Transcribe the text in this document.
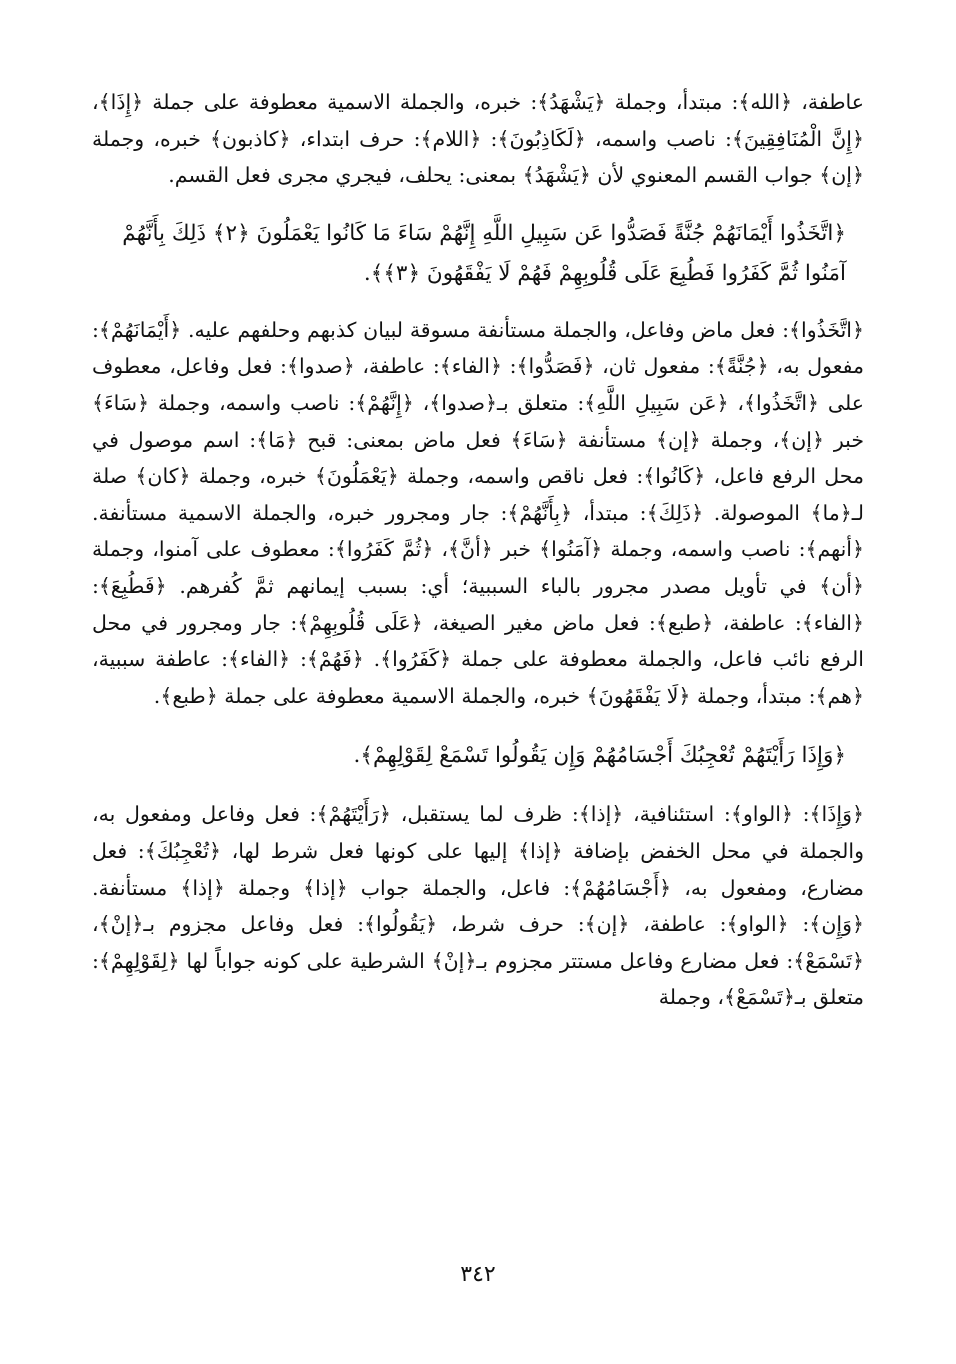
عاطفة، ﴿الله﴾: مبتدأ، وجملة ﴿يَشْهَدُ﴾: خبره، والجملة الاسمية معطوفة على جملة ﴿إِذَا﴾، ﴿إِنَّ الْمُنَافِقِينَ﴾: ناصب واسمه، ﴿لَكَاذِبُونَ﴾: ﴿اللام﴾: حرف ابتداء، ﴿كاذبون﴾ خبره، وجملة ﴿إن﴾ جواب القسم المعنوي لأن ﴿يَشْهَدُ﴾ بمعنى: يحلف، فيجري مجرى فعل القسم.

﴿اتَّخَذُوا أَيْمَانَهُمْ جُنَّةً فَصَدُّوا عَن سَبِيلِ اللَّهِ إِنَّهُمْ سَاءَ مَا كَانُوا يَعْمَلُونَ ﴿٢﴾ ذَلِكَ بِأَنَّهُمْ آمَنُوا ثُمَّ كَفَرُوا فَطُبِعَ عَلَى قُلُوبِهِمْ فَهُمْ لَا يَفْقَهُونَ ﴿٣﴾﴾.

﴿اتَّخَذُوا﴾: فعل ماض وفاعل، والجملة مستأنفة مسوقة لبيان كذبهم وحلفهم عليه. ﴿أَيْمَانَهُمْ﴾: مفعول به، ﴿جُنَّةً﴾: مفعول ثان، ﴿فَصَدُّوا﴾: ﴿الفاء﴾: عاطفة، ﴿صدوا﴾: فعل وفاعل، معطوف على ﴿اتَّخَذُوا﴾، ﴿عَن سَبِيلِ اللَّهِ﴾: متعلق بـ﴿صدوا﴾، ﴿إِنَّهُمْ﴾: ناصب واسمه، وجملة ﴿سَاءَ﴾ خبر ﴿إن﴾، وجملة ﴿إن﴾ مستأنفة ﴿سَاءَ﴾ فعل ماض بمعنى: قبح ﴿مَا﴾: اسم موصول في محل الرفع فاعل، ﴿كَانُوا﴾: فعل ناقص واسمه، وجملة ﴿يَعْمَلُونَ﴾ خبره، وجملة ﴿كان﴾ صلة لـ﴿ما﴾ الموصولة. ﴿ذَلِكَ﴾: مبتدأ، ﴿بِأَنَّهُمْ﴾: جار ومجرور خبره، والجملة الاسمية مستأنفة. ﴿أنهم﴾: ناصب واسمه، وجملة ﴿آمَنُوا﴾ خبر ﴿أنَّ﴾، ﴿ثُمَّ كَفَرُوا﴾: معطوف على آمنوا، وجملة ﴿أن﴾ في تأويل مصدر مجرور بالباء السببية؛ أي: بسبب إيمانهم ثمَّ كُفرهم. ﴿فَطُبِعَ﴾: ﴿الفاء﴾: عاطفة، ﴿طبع﴾: فعل ماض مغير الصيغة، ﴿عَلَى قُلُوبِهِمْ﴾: جار ومجرور في محل الرفع نائب فاعل، والجملة معطوفة على جملة ﴿كَفَرُوا﴾. ﴿فَهُمْ﴾: ﴿الفاء﴾: عاطفة سببية، ﴿هم﴾: مبتدأ، وجملة ﴿لَا يَفْقَهُونَ﴾ خبره، والجملة الاسمية معطوفة على جملة ﴿طبع﴾.

﴿وَإِذَا رَأَيْتَهُمْ تُعْجِبُكَ أَجْسَامُهُمْ وَإِن يَقُولُوا تَسْمَعْ لِقَوْلِهِمْ﴾.

﴿وَإِذَا﴾: ﴿الواو﴾: استئنافية، ﴿إذا﴾: ظرف لما يستقبل، ﴿رَأَيْتَهُمْ﴾: فعل وفاعل ومفعول به، والجملة في محل الخفض بإضافة ﴿إذا﴾ إليها على كونها فعل شرط لها، ﴿تُعْجِبُكَ﴾: فعل مضارع، ومفعول به، ﴿أَجْسَامُهُمْ﴾: فاعل، والجملة جواب ﴿إذا﴾ وجملة ﴿إذا﴾ مستأنفة. ﴿وَإِن﴾: ﴿الواو﴾: عاطفة، ﴿إن﴾: حرف شرط، ﴿يَقُولُوا﴾: فعل وفاعل مجزوم بـ﴿إنْ﴾، ﴿تَسْمَعْ﴾: فعل مضارع وفاعل مستتر مجزوم بـ﴿إنْ﴾ الشرطية على كونه جواباً لها ﴿لِقَوْلِهِمْ﴾: متعلق بـ﴿تَسْمَعْ﴾، وجملة

٣٤٢
